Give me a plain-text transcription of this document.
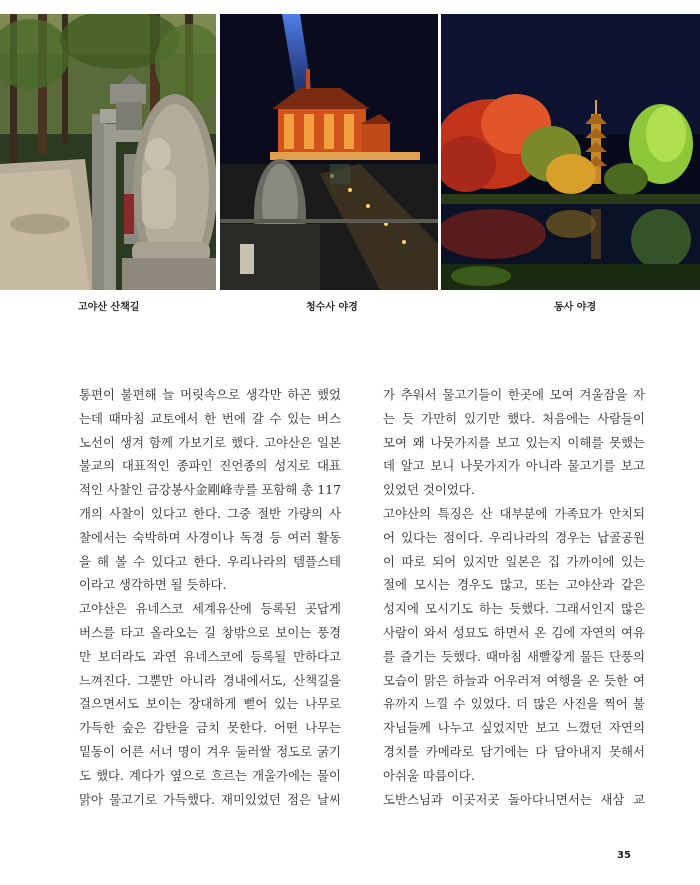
고야산 산책길	청수사 야경	동사 야경
통편이 불편해 늘 머릿속으로 생각만 하곤 했었
는데 때마침 교토에서 한 번에 갈 수 있는 버스
노선이 생겨 함께 가보기로 했다. 고야산은 일본
불교의 대표적인 종파인 진언종의 성지로 대표
적인 사찰인 금강봉사金剛峰寺를 포함해 총 117
개의 사찰이 있다고 한다. 그중 절반 가량의 사
찰에서는 숙박하며 사경이나 독경 등 여러 활동
을 해 볼 수 있다고 한다. 우리나라의 템플스테
이라고 생각하면 될 듯하다.
고야산은 유네스코 세계유산에 등록된 곳답게
버스를 타고 올라오는 길 창밖으로 보이는 풍경
만 보더라도 과연 유네스코에 등록될 만하다고
느껴진다. 그뿐만 아니라 경내에서도, 산책길을
걸으면서도 보이는 장대하게 뻗어 있는 나무로
가득한 숲은 감탄을 금치 못한다. 어떤 나무는
밑동이 어른 서너 명이 겨우 둘러쌀 정도로 굵기
도 했다. 계다가 옆으로 흐르는 개울가에는 물이
맑아 물고기로 가득했다. 재미있었던 점은 날씨
가 추워서 물고기들이 한곳에 모여 겨울잠을 자
는 듯 가만히 있기만 했다. 처음에는 사람들이
모여 왜 나뭇가지를 보고 있는지 이해를 못했는
데 알고 보니 나뭇가지가 아니라 물고기를 보고
있었던 것이었다.
고야산의 특징은 산 대부분에 가족묘가 안치되
어 있다는 점이다. 우리나라의 경우는 납골공원
이 따로 되어 있지만 일본은 집 가까이에 있는
절에 모시는 경우도 많고, 또는 고야산과 같은
성지에 모시기도 하는 듯했다. 그래서인지 많은
사람이 와서 성묘도 하면서 온 김에 자연의 여유
를 즐기는 듯했다. 때마침 새빨갛게 물든 단풍의
모습이 맑은 하늘과 어우러져 여행을 온 듯한 여
유까지 느낄 수 있었다. 더 많은 사진을 찍어 불
자님들께 나누고 싶었지만 보고 느꼈던 자연의
경치를 카메라로 담기에는 다 담아내지 못해서
아쉬울 따름이다.
도반스님과 이곳저곳 돌아다니면서는 새삼 교
35
